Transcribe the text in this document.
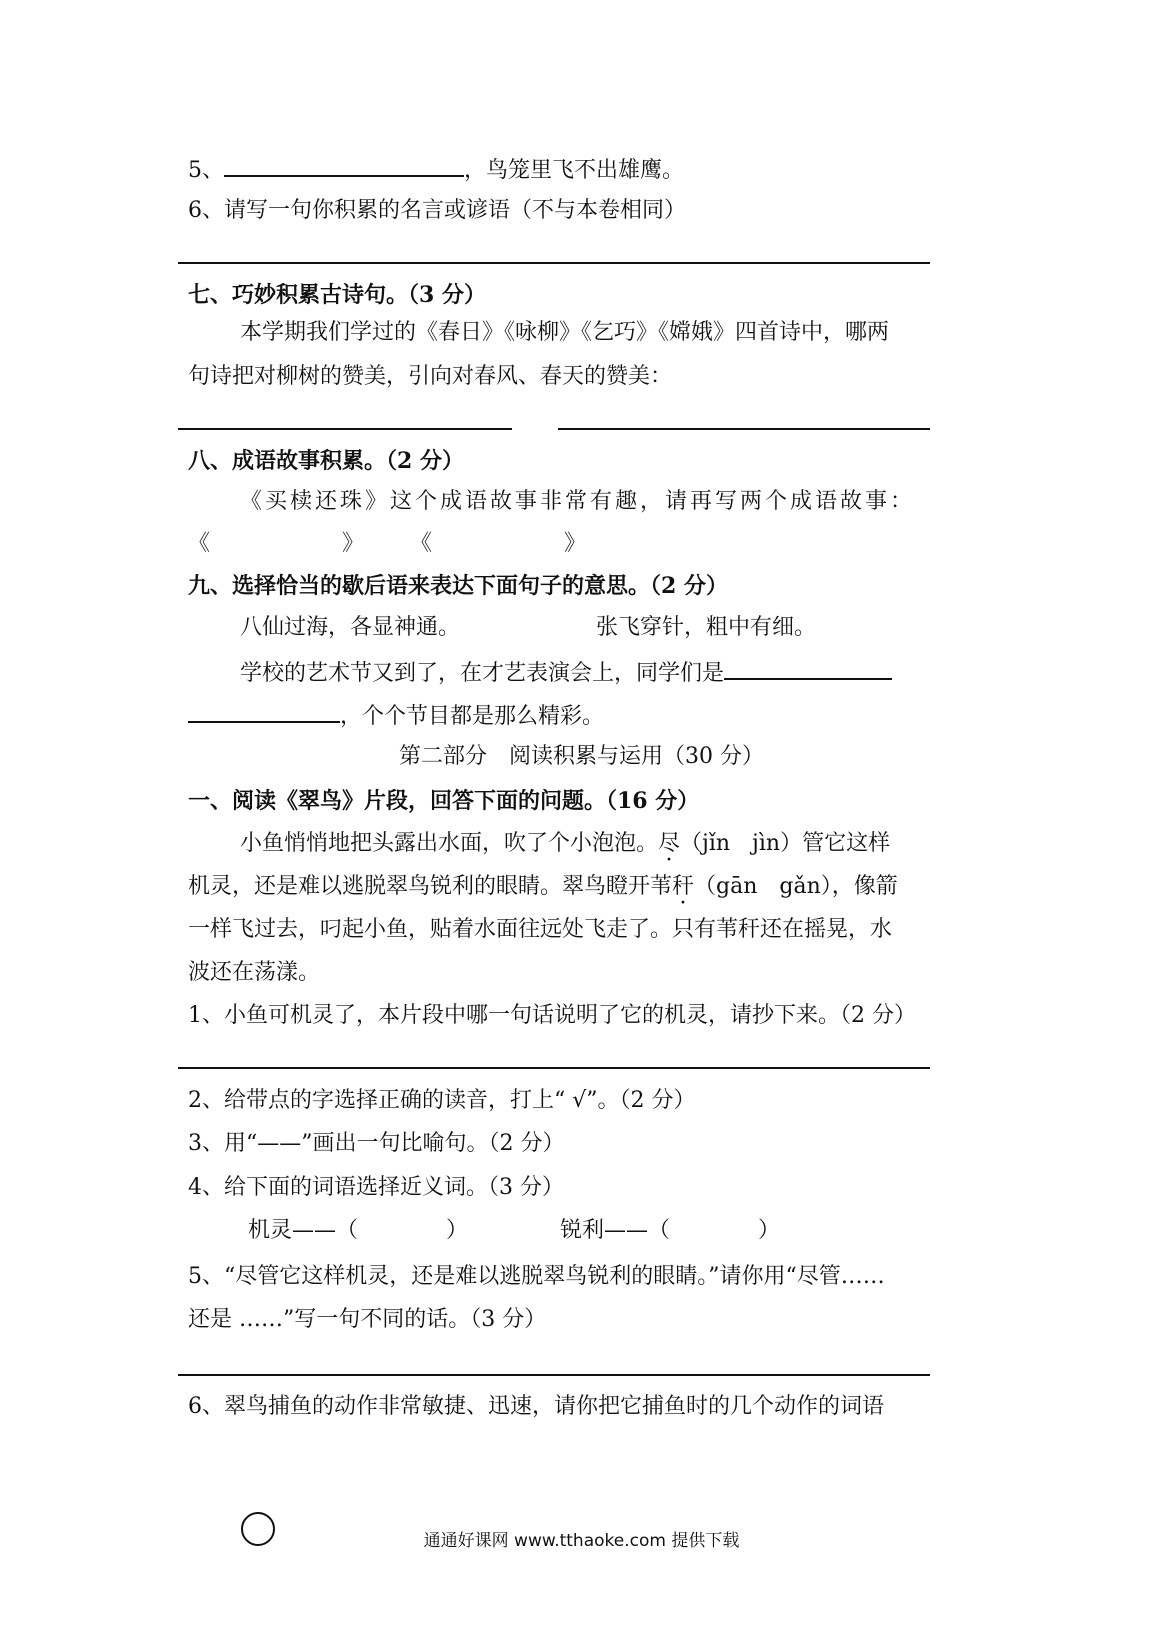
5、	，鸟笼里飞不出雄鹰。
6、请写一句你积累的名言或谚语（不与本卷相同）
七、巧妙积累古诗句。（3 分）
本学期我们学过的《春日》《咏柳》《乞巧》《嫦娥》四首诗中，哪两
句诗把对柳树的赞美，引向对春风、春天的赞美：
八、成语故事积累。（2 分）
《买椟还珠》这个成语故事非常有趣，请再写两个成语故事：
《	》 《	》
九、选择恰当的歇后语来表达下面句子的意思。（2 分）
八仙过海，各显神通。	张飞穿针，粗中有细。
学校的艺术节又到了，在才艺表演会上，同学们是
，个个节目都是那么精彩。
第二部分　阅读积累与运用（30 分）
一、阅读《翠鸟》片段，回答下面的问题。（16 分）
小鱼悄悄地把头露出水面，吹了个小泡泡。尽（jǐn　jìn）管它这样
机灵，还是难以逃脱翠鸟锐利的眼睛。翠鸟瞪开苇秆（gān　gǎn），像箭
一样飞过去，叼起小鱼，贴着水面往远处飞走了。只有苇秆还在摇晃，水
波还在荡漾。
1、小鱼可机灵了，本片段中哪一句话说明了它的机灵，请抄下来。（2 分）
2、给带点的字选择正确的读音，打上“ √”。（2 分）
3、用“——”画出一句比喻句。（2 分）
4、给下面的词语选择近义词。（3 分）
机灵——（　　　　）	锐利——（　　　　）
5、“尽管它这样机灵，还是难以逃脱翠鸟锐利的眼睛。”请你用“尽管……
还是 ……”写一句不同的话。（3 分）
6、翠鸟捕鱼的动作非常敏捷、迅速，请你把它捕鱼时的几个动作的词语
通通好课网 www.tthaoke.com 提供下载
